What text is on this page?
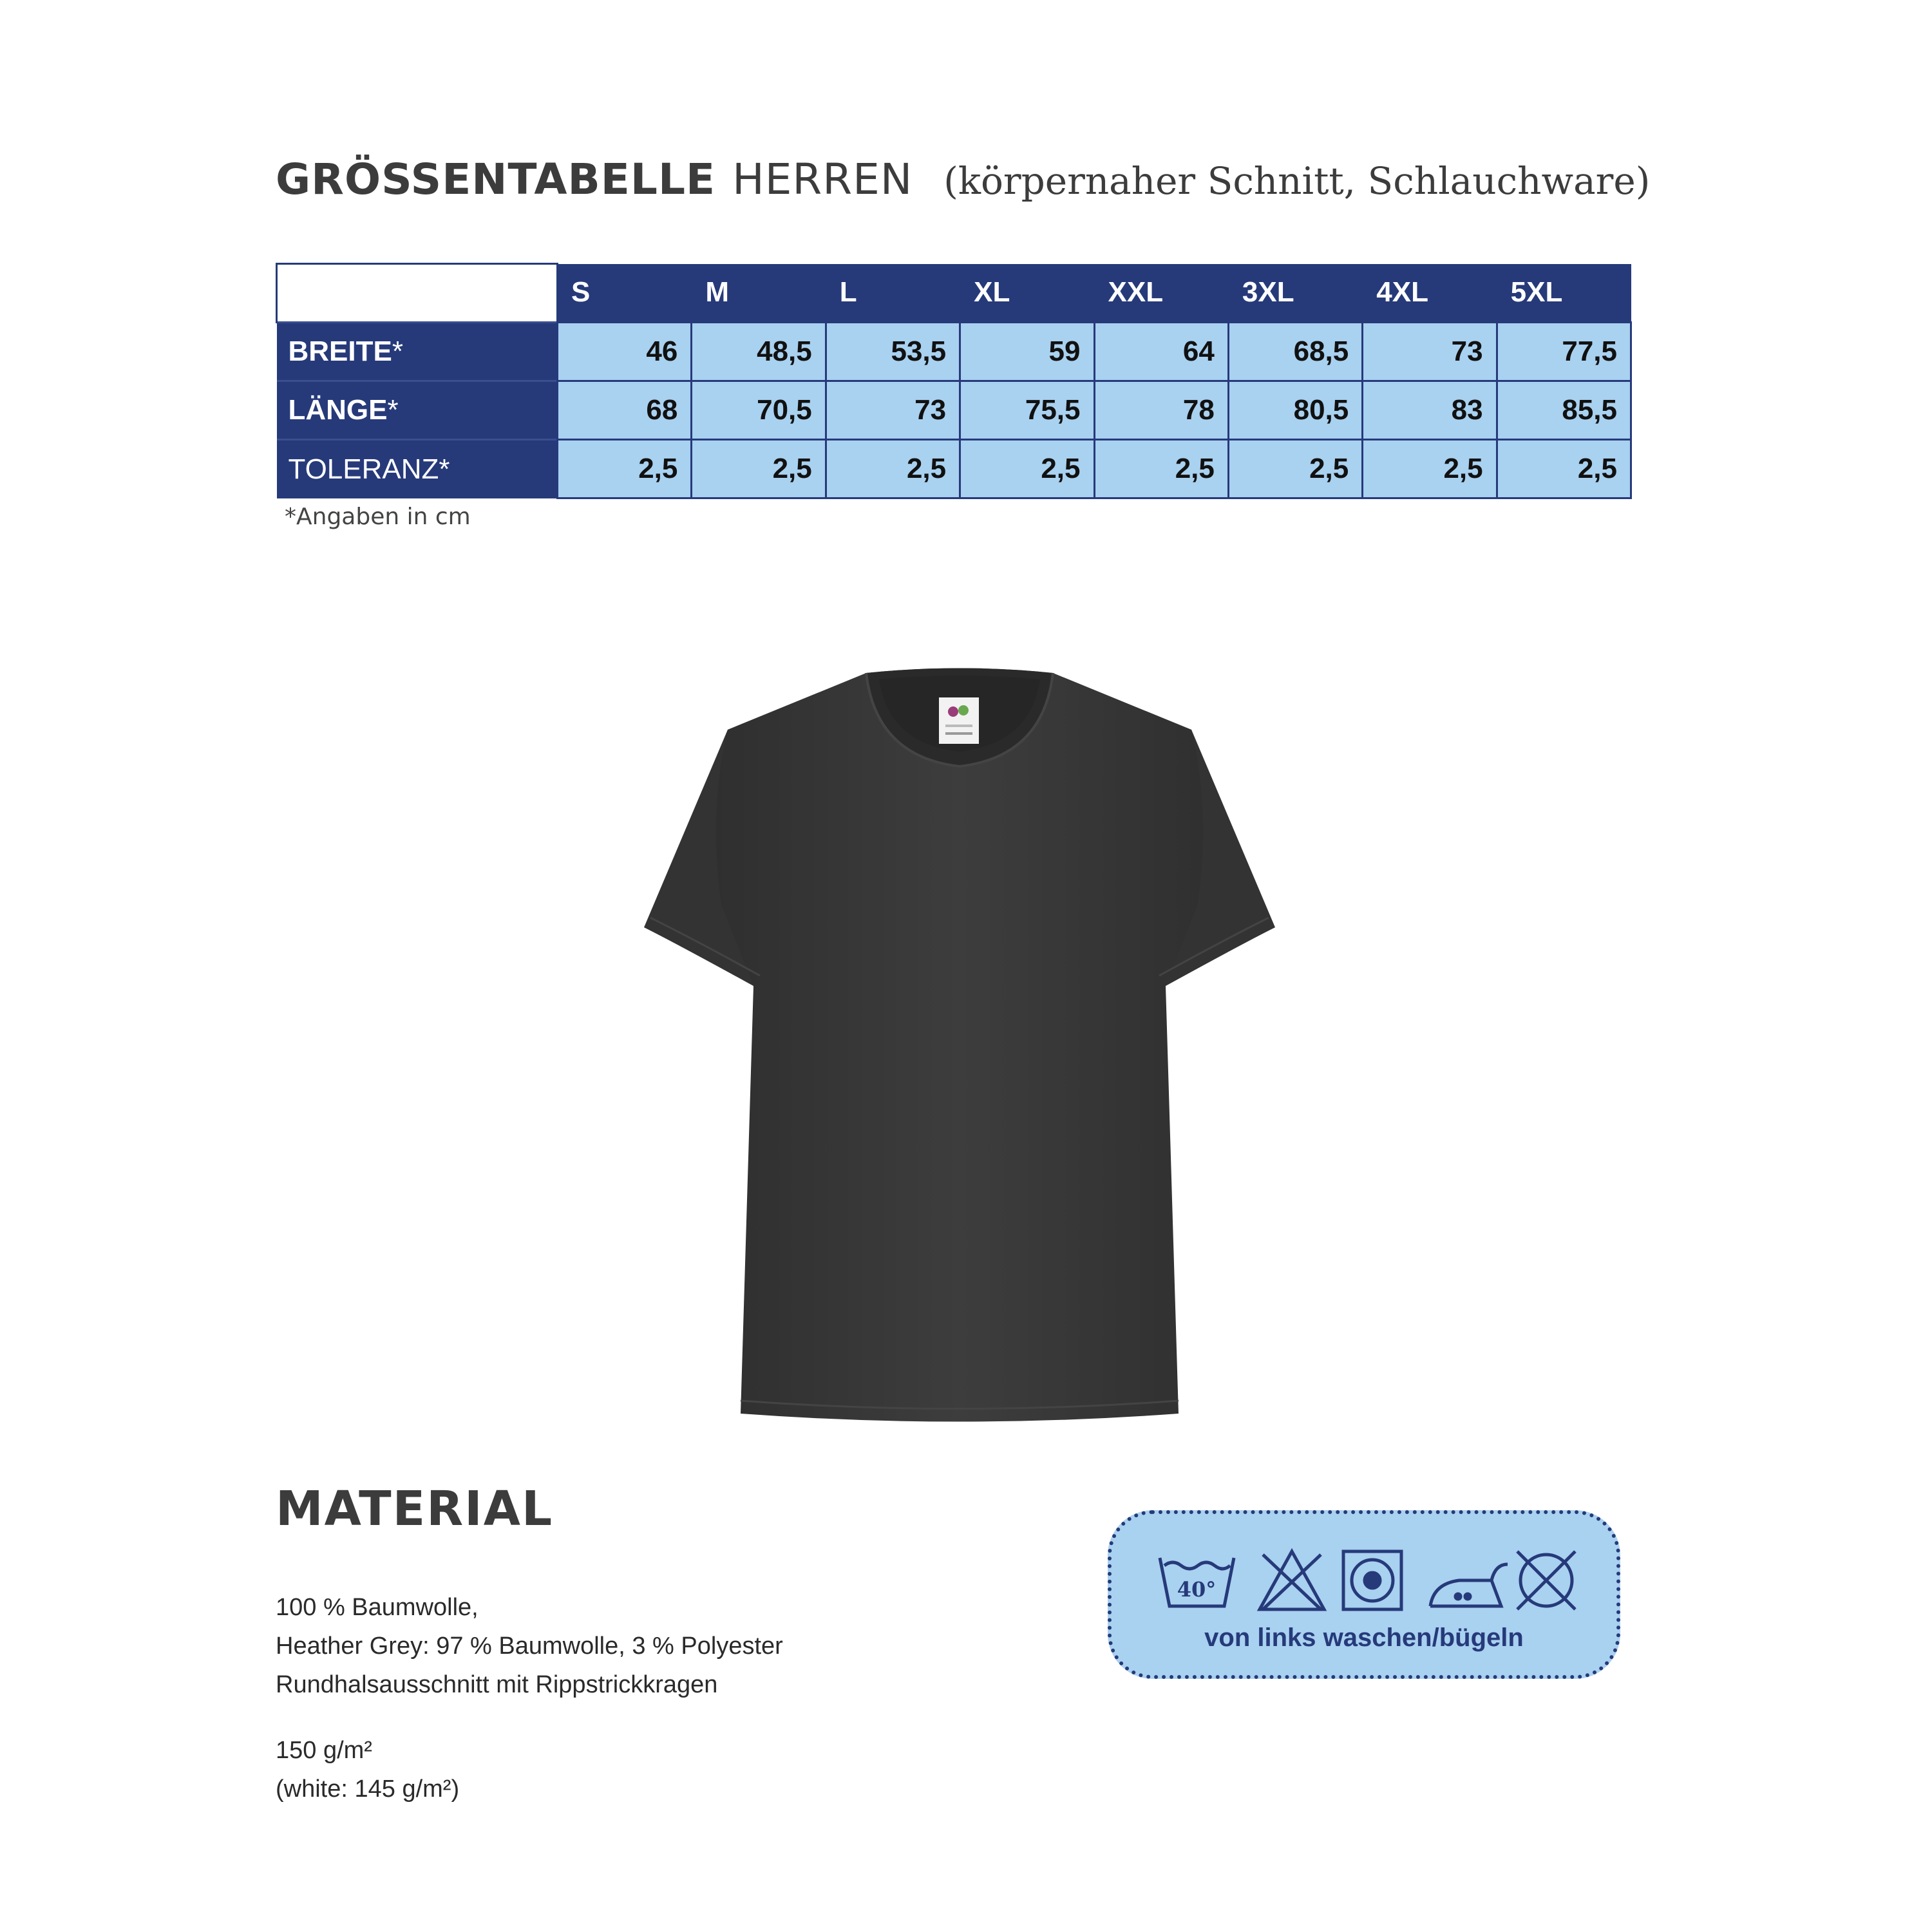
GRÖSSENTABELLE HERREN (körpernaher Schnitt, Schlauchware)
	S	M	L	XL	XXL	3XL	4XL	5XL
BREITE*	46	48,5	53,5	59	64	68,5	73	77,5
LÄNGE*	68	70,5	73	75,5	78	80,5	83	85,5
TOLERANZ*	2,5	2,5	2,5	2,5	2,5	2,5	2,5	2,5
*Angaben in cm
MATERIAL
100 % Baumwolle,
Heather Grey: 97 % Baumwolle, 3 % Polyester
Rundhalsausschnitt mit Rippstrickkragen
150 g/m²
(white: 145 g/m²)
40°
von links waschen/bügeln
